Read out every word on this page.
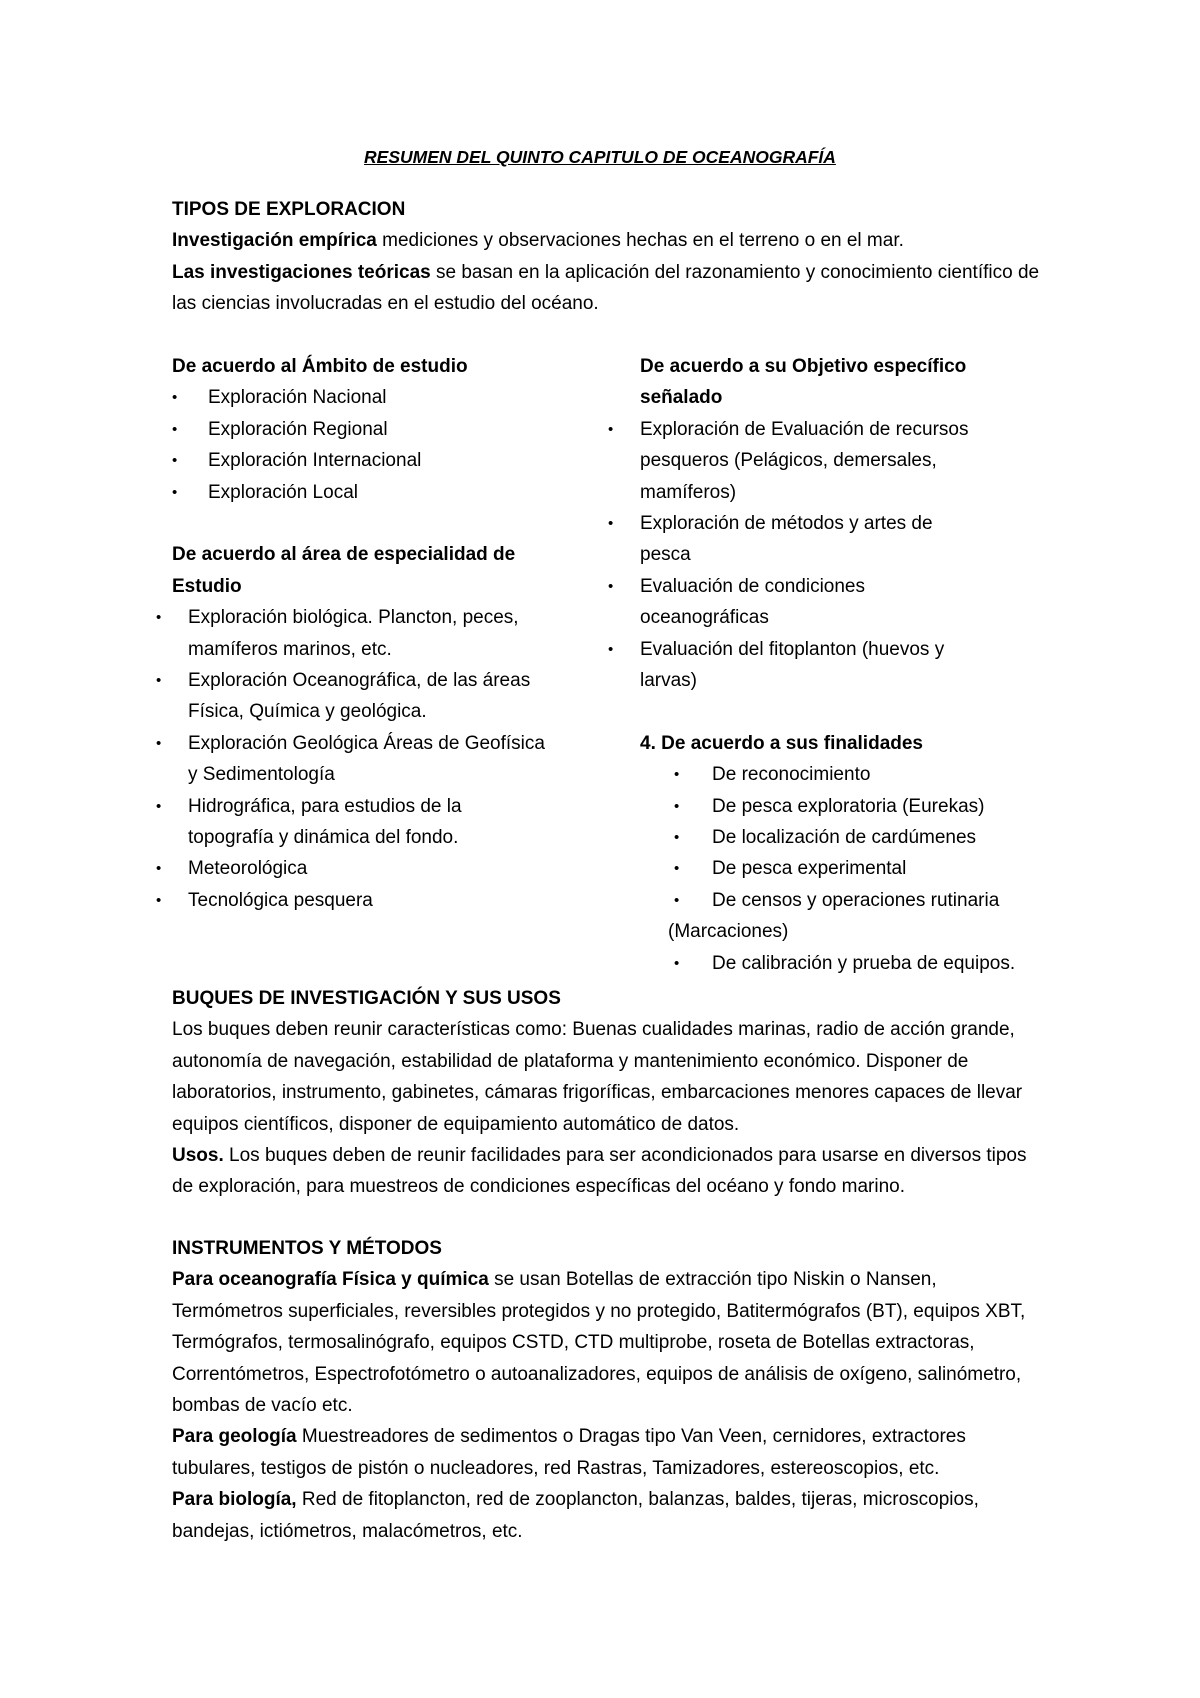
RESUMEN DEL QUINTO CAPITULO DE OCEANOGRAFÍA

TIPOS DE EXPLORACION

Investigación empírica mediciones y observaciones hechas en el terreno o en el mar.

Las investigaciones teóricas se basan en la aplicación del razonamiento y conocimiento científico de las ciencias involucradas en el estudio del océano.

De acuerdo al Ámbito de estudio

• Exploración Nacional
• Exploración Regional
• Exploración Internacional
• Exploración Local

De acuerdo al área de especialidad de Estudio

• Exploración biológica. Plancton, peces, mamíferos marinos, etc.
• Exploración Oceanográfica, de las áreas Física, Química y geológica.
• Exploración Geológica Áreas de Geofísica y Sedimentología
• Hidrográfica, para estudios de la topografía y dinámica del fondo.
• Meteorológica
• Tecnológica pesquera

De acuerdo a su Objetivo específico señalado

• Exploración de Evaluación de recursos pesqueros (Pelágicos, demersales, mamíferos)
• Exploración de métodos y artes de pesca
• Evaluación de condiciones oceanográficas
• Evaluación del fitoplanton (huevos y larvas)

4. De acuerdo a sus finalidades

• De reconocimiento
• De pesca exploratoria (Eurekas)
• De localización de cardúmenes
• De pesca experimental
• De censos y operaciones rutinaria (Marcaciones)
• De calibración y prueba de equipos.

BUQUES DE INVESTIGACIÓN Y SUS USOS

Los buques deben reunir características como: Buenas cualidades marinas, radio de acción grande, autonomía de navegación, estabilidad de plataforma y mantenimiento económico. Disponer de laboratorios, instrumento, gabinetes, cámaras frigoríficas, embarcaciones menores capaces de llevar equipos científicos, disponer de equipamiento automático de datos.

Usos. Los buques deben de reunir facilidades para ser acondicionados para usarse en diversos tipos de exploración, para muestreos de condiciones específicas del océano y fondo marino.

INSTRUMENTOS Y MÉTODOS

Para oceanografía Física y química se usan Botellas de extracción tipo Niskin o Nansen, Termómetros superficiales, reversibles protegidos y no protegido, Batitermógrafos (BT), equipos XBT, Termógrafos, termosalinógrafo, equipos CSTD, CTD multiprobe, roseta de Botellas extractoras, Correntómetros, Espectrofotómetro o autoanalizadores, equipos de análisis de oxígeno, salinómetro, bombas de vacío etc.

Para geología Muestreadores de sedimentos o Dragas tipo Van Veen, cernidores, extractores tubulares, testigos de pistón o nucleadores, red Rastras, Tamizadores, estereoscopios, etc.

Para biología, Red de fitoplancton, red de zooplancton, balanzas, baldes, tijeras, microscopios, bandejas, ictiómetros, malacómetros, etc.
